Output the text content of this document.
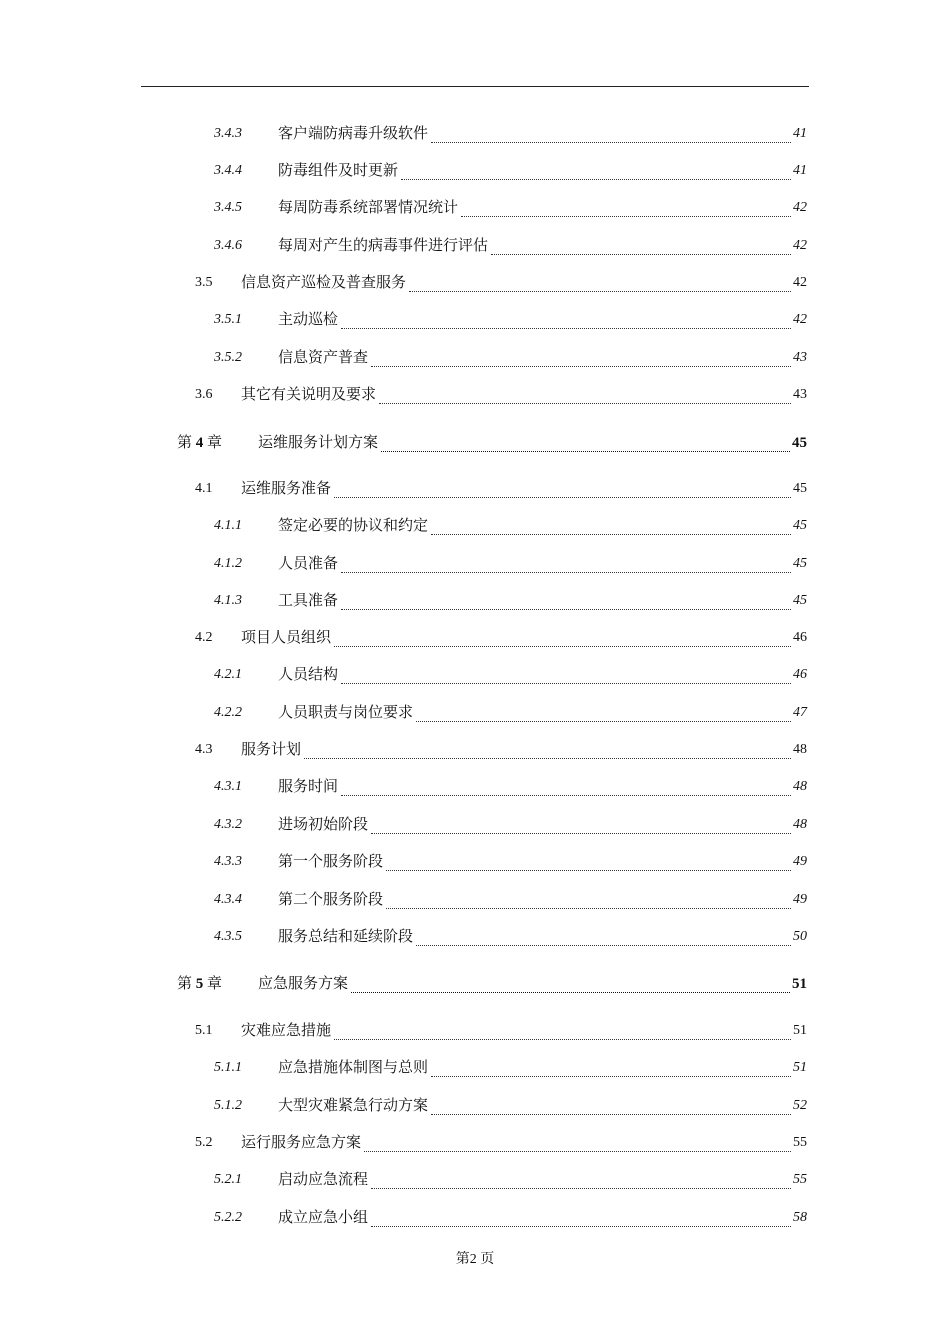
3.4.3 客户端防病毒升级软件	41
3.4.4 防毒组件及时更新	41
3.4.5 每周防毒系统部署情况统计	42
3.4.6 每周对产生的病毒事件进行评估	42
3.5 信息资产巡检及普查服务	42
3.5.1 主动巡检	42
3.5.2 信息资产普查	43
3.6 其它有关说明及要求	43
第 4 章 运维服务计划方案	45
4.1 运维服务准备	45
4.1.1 签定必要的协议和约定	45
4.1.2 人员准备	45
4.1.3 工具准备	45
4.2 项目人员组织	46
4.2.1 人员结构	46
4.2.2 人员职责与岗位要求	47
4.3 服务计划	48
4.3.1 服务时间	48
4.3.2 进场初始阶段	48
4.3.3 第一个服务阶段	49
4.3.4 第二个服务阶段	49
4.3.5 服务总结和延续阶段	50
第 5 章 应急服务方案	51
5.1 灾难应急措施	51
5.1.1 应急措施体制图与总则	51
5.1.2 大型灾难紧急行动方案	52
5.2 运行服务应急方案	55
5.2.1 启动应急流程	55
5.2.2 成立应急小组	58
第2 页
